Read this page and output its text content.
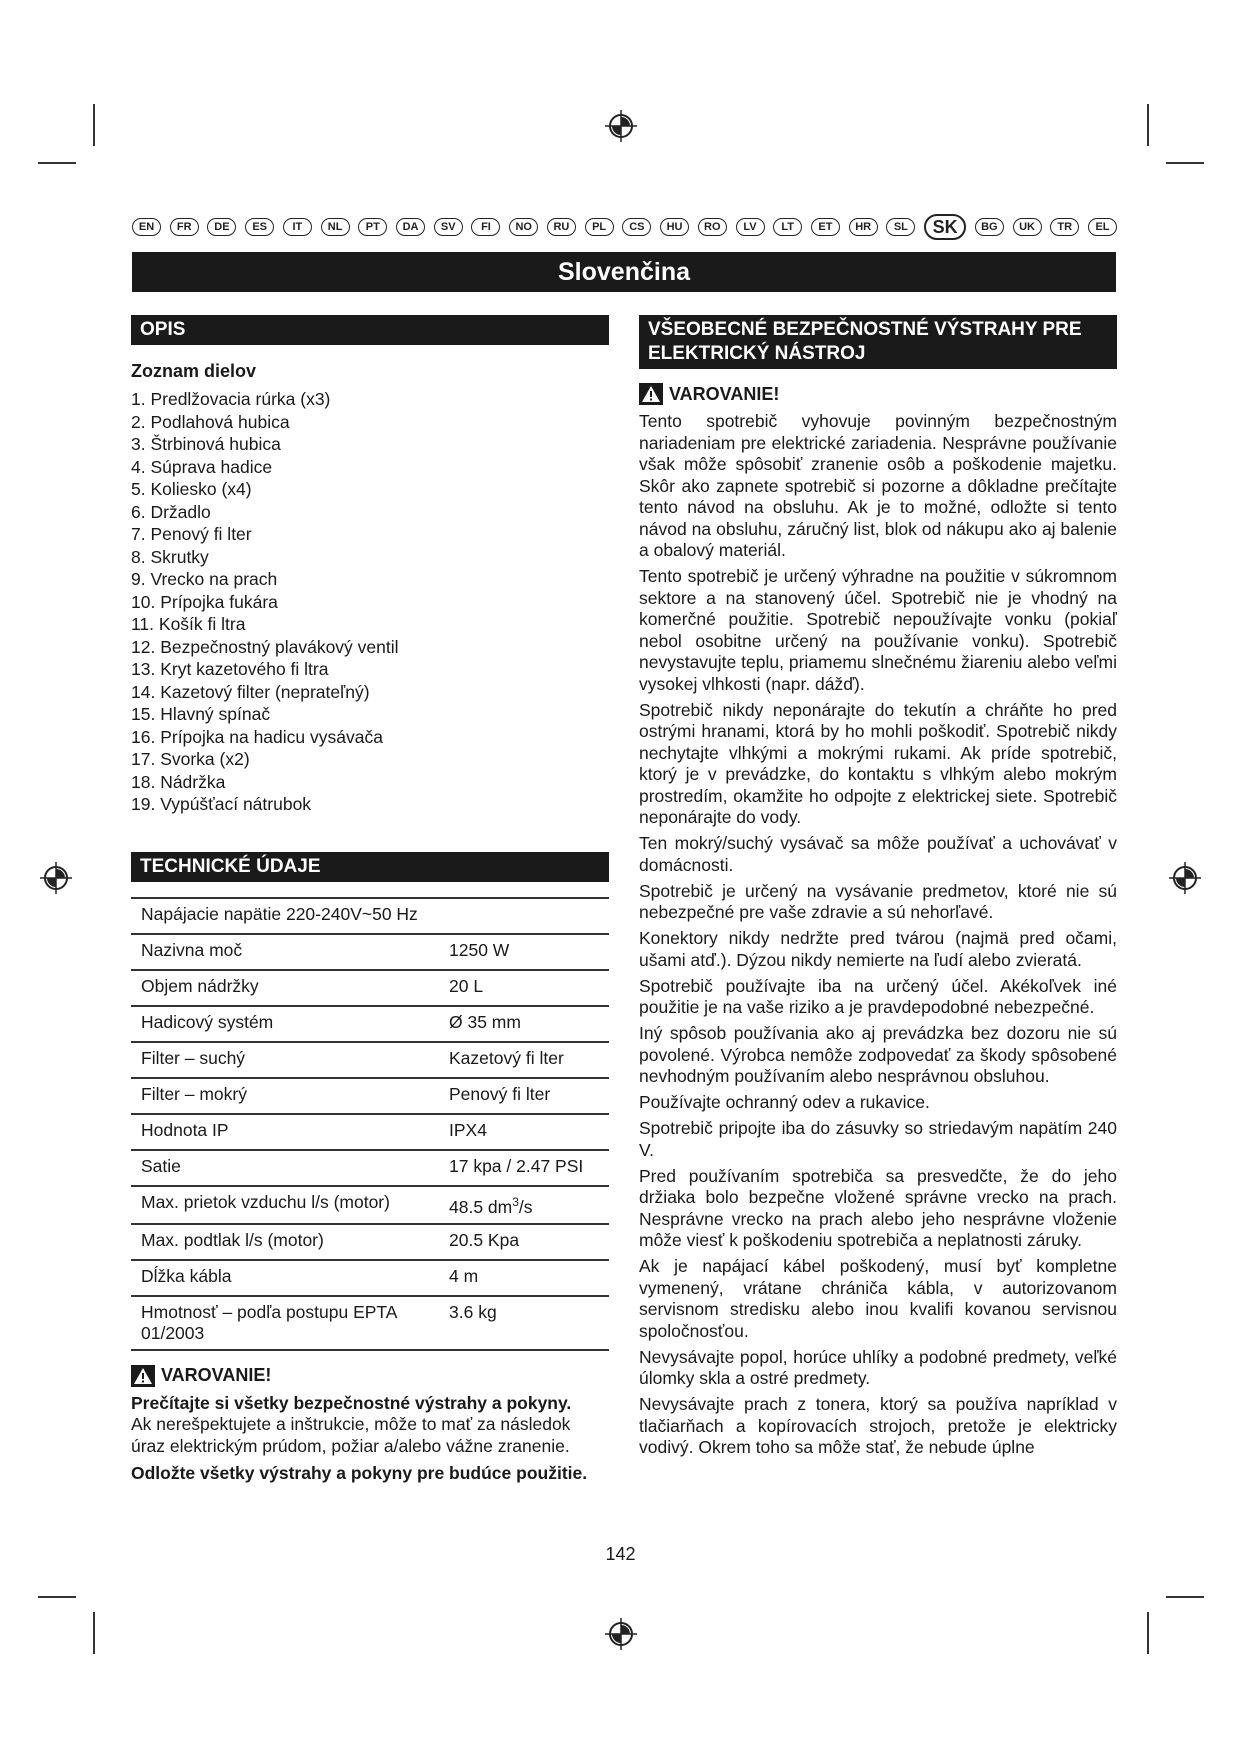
EN	FR	DE	ES	IT	NL	PT	DA	SV	FI	NO	RU	PL	CS	HU	RO	LV	LT	ET	HR	SL	SK	BG	UK	TR	EL
Slovenčina
OPIS
Zoznam dielov
1. Predlžovacia rúrka (x3)
2. Podlahová hubica
3. Štrbinová hubica
4. Súprava hadice
5. Koliesko (x4)
6. Držadlo
7. Penový fi lter
8. Skrutky
9. Vrecko na prach
10. Prípojka fukára
11. Košík fi ltra
12. Bezpečnostný plavákový ventil
13. Kryt kazetového fi ltra
14. Kazetový filter (neprateľný)
15. Hlavný spínač
16. Prípojka na hadicu vysávača
17. Svorka (x2)
18. Nádržka
19. Vypúšťací nátrubok
TECHNICKÉ ÚDAJE
Napájacie napätie 220-240V~50 Hz	
Nazivna moč	1250 W
Objem nádržky	20 L
Hadicový systém	Ø 35 mm
Filter – suchý	Kazetový fi lter
Filter – mokrý	Penový fi lter
Hodnota IP	IPX4
Satie	17 kpa / 2.47 PSI
Max. prietok vzduchu l/s (motor)	48.5 $dm^3/s$
Max. podtlak l/s (motor)	20.5 Kpa
Dĺžka kábla	4 m
Hmotnosť – podľa postupu EPTA 01/2003	3.6 kg
VAROVANIE!

Prečítajte si všetky bezpečnostné výstrahy a pokyny.

Ak nerešpektujete a inštrukcie, môže to mať za následok úraz elektrickým prúdom, požiar a/alebo vážne zranenie.

Odložte všetky výstrahy a pokyny pre budúce použitie.

VŠEOBECNÉ BEZPEČNOSTNÉ VÝSTRAHY PRE ELEKTRICKÝ NÁSTROJ
VAROVANIE!

Tento spotrebič vyhovuje povinným bezpečnostným nariadeniam pre elektrické zariadenia. Nesprávne používanie však môže spôsobiť zranenie osôb a poškodenie majetku. Skôr ako zapnete spotrebič si pozorne a dôkladne prečítajte tento návod na obsluhu. Ak je to možné, odložte si tento návod na obsluhu, záručný list, blok od nákupu ako aj balenie a obalový materiál.

Tento spotrebič je určený výhradne na použitie v súkromnom sektore a na stanovený účel. Spotrebič nie je vhodný na komerčné použitie. Spotrebič nepoužívajte vonku (pokiaľ nebol osobitne určený na používanie vonku). Spotrebič nevystavujte teplu, priamemu slnečnému žiareniu alebo veľmi vysokej vlhkosti (napr. dážď).

Spotrebič nikdy neponárajte do tekutín a chráňte ho pred ostrými hranami, ktorá by ho mohli poškodiť. Spotrebič nikdy nechytajte vlhkými a mokrými rukami. Ak príde spotrebič, ktorý je v prevádzke, do kontaktu s vlhkým alebo mokrým prostredím, okamžite ho odpojte z elektrickej siete. Spotrebič neponárajte do vody.

Ten mokrý/suchý vysávač sa môže používať a uchovávať v domácnosti.

Spotrebič je určený na vysávanie predmetov, ktoré nie sú nebezpečné pre vaše zdravie a sú nehorľavé.

Konektory nikdy nedržte pred tvárou (najmä pred očami, ušami atď.). Dýzou nikdy nemierte na ľudí alebo zvieratá.

Spotrebič používajte iba na určený účel. Akékoľvek iné použitie je na vaše riziko a je pravdepodobné nebezpečné.

Iný spôsob používania ako aj prevádzka bez dozoru nie sú povolené. Výrobca nemôže zodpovedať za škody spôsobené nevhodným používaním alebo nesprávnou obsluhou.

Používajte ochranný odev a rukavice.

Spotrebič pripojte iba do zásuvky so striedavým napätím 240 V.

Pred používaním spotrebiča sa presvedčte, že do jeho držiaka bolo bezpečne vložené správne vrecko na prach. Nesprávne vrecko na prach alebo jeho nesprávne vloženie môže viesť k poškodeniu spotrebiča a neplatnosti záruky.

Ak je napájací kábel poškodený, musí byť kompletne vymenený, vrátane chrániča kábla, v autorizovanom servisnom stredisku alebo inou kvalifi kovanou servisnou spoločnosťou.

Nevysávajte popol, horúce uhlíky a podobné predmety, veľké úlomky skla a ostré predmety.

Nevysávajte prach z tonera, ktorý sa používa napríklad v tlačiarňach a kopírovacích strojoch, pretože je elektricky vodivý. Okrem toho sa môže stať, že nebude úplne

142
